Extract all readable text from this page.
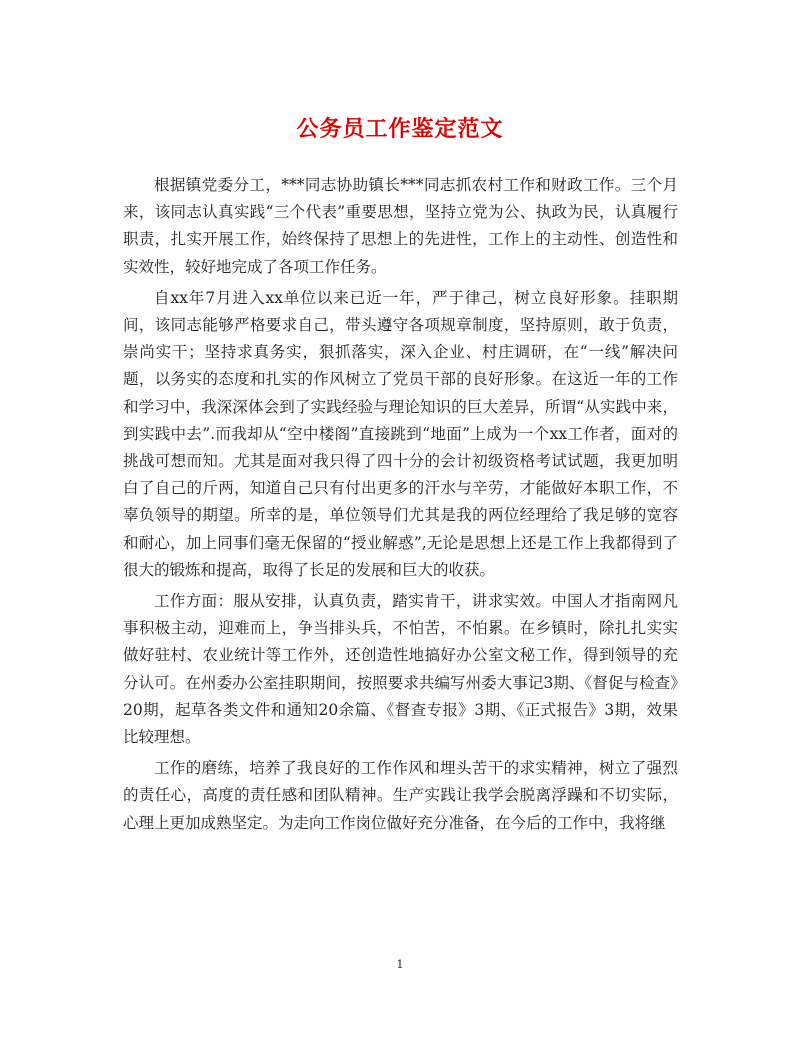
公务员工作鉴定范文

根据镇党委分工，***同志协助镇长***同志抓农村工作和财政工作。三个月来，该同志认真实践“三个代表”重要思想，坚持立党为公、执政为民，认真履行职责，扎实开展工作，始终保持了思想上的先进性，工作上的主动性、创造性和实效性，较好地完成了各项工作任务。

自xx年7月进入xx单位以来已近一年，严于律己，树立良好形象。挂职期间，该同志能够严格要求自己，带头遵守各项规章制度，坚持原则，敢于负责，崇尚实干；坚持求真务实，狠抓落实，深入企业、村庄调研，在“一线”解决问题，以务实的态度和扎实的作风树立了党员干部的良好形象。在这近一年的工作和学习中，我深深体会到了实践经验与理论知识的巨大差异，所谓“从实践中来，到实践中去”.而我却从“空中楼阁”直接跳到“地面”上成为一个xx工作者，面对的挑战可想而知。尤其是面对我只得了四十分的会计初级资格考试试题，我更加明白了自己的斤两，知道自己只有付出更多的汗水与辛劳，才能做好本职工作，不辜负领导的期望。所幸的是，单位领导们尤其是我的两位经理给了我足够的宽容和耐心，加上同事们毫无保留的“授业解惑”,无论是思想上还是工作上我都得到了很大的锻炼和提高，取得了长足的发展和巨大的收获。

工作方面：服从安排，认真负责，踏实肯干，讲求实效。中国人才指南网凡事积极主动，迎难而上，争当排头兵，不怕苦，不怕累。在乡镇时，除扎扎实实做好驻村、农业统计等工作外，还创造性地搞好办公室文秘工作，得到领导的充分认可。在州委办公室挂职期间，按照要求共编写州委大事记3期、《督促与检查》20期，起草各类文件和通知20余篇、《督查专报》3期、《正式报告》3期，效果比较理想。

工作的磨练，培养了我良好的工作作风和埋头苦干的求实精神，树立了强烈的责任心，高度的责任感和团队精神。生产实践让我学会脱离浮躁和不切实际，心理上更加成熟坚定。为走向工作岗位做好充分准备，在今后的工作中，我将继

1
